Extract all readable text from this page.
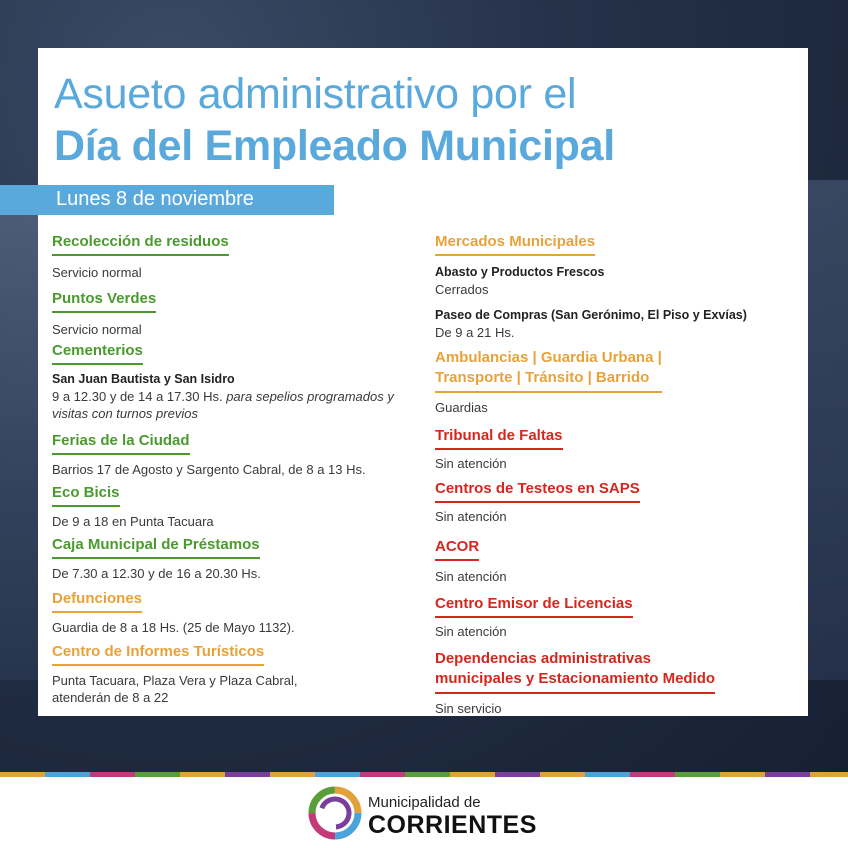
Asueto administrativo por el
Día del Empleado Municipal
Lunes 8 de noviembre
Recolección de residuos
Servicio normal
Puntos Verdes
Servicio normal
Cementerios
San Juan Bautista y San Isidro
9 a 12.30 y de 14 a 17.30 Hs. para sepelios programados y visitas con turnos previos
Ferias de la Ciudad
Barrios 17 de Agosto y Sargento Cabral, de 8 a 13 Hs.
Eco Bicis
De 9 a 18 en Punta Tacuara
Caja Municipal de Préstamos
De 7.30 a 12.30 y de 16 a 20.30 Hs.
Defunciones
Guardia de 8 a 18 Hs. (25 de Mayo 1132).
Centro de Informes Turísticos
Punta Tacuara, Plaza Vera y Plaza Cabral,
atenderán de 8 a 22
Mercados Municipales
Abasto y Productos Frescos
Cerrados
Paseo de Compras (San Gerónimo, El Piso y Exvías)
De 9 a 21 Hs.
Ambulancias | Guardia Urbana |
Transporte | Tránsito | Barrido
Guardias
Tribunal de Faltas
Sin atención
Centros de Testeos en SAPS
Sin atención
ACOR
Sin atención
Centro Emisor de Licencias
Sin atención
Dependencias administrativas
municipales y Estacionamiento Medido
Sin servicio
Municipalidad de
CORRIENTES
